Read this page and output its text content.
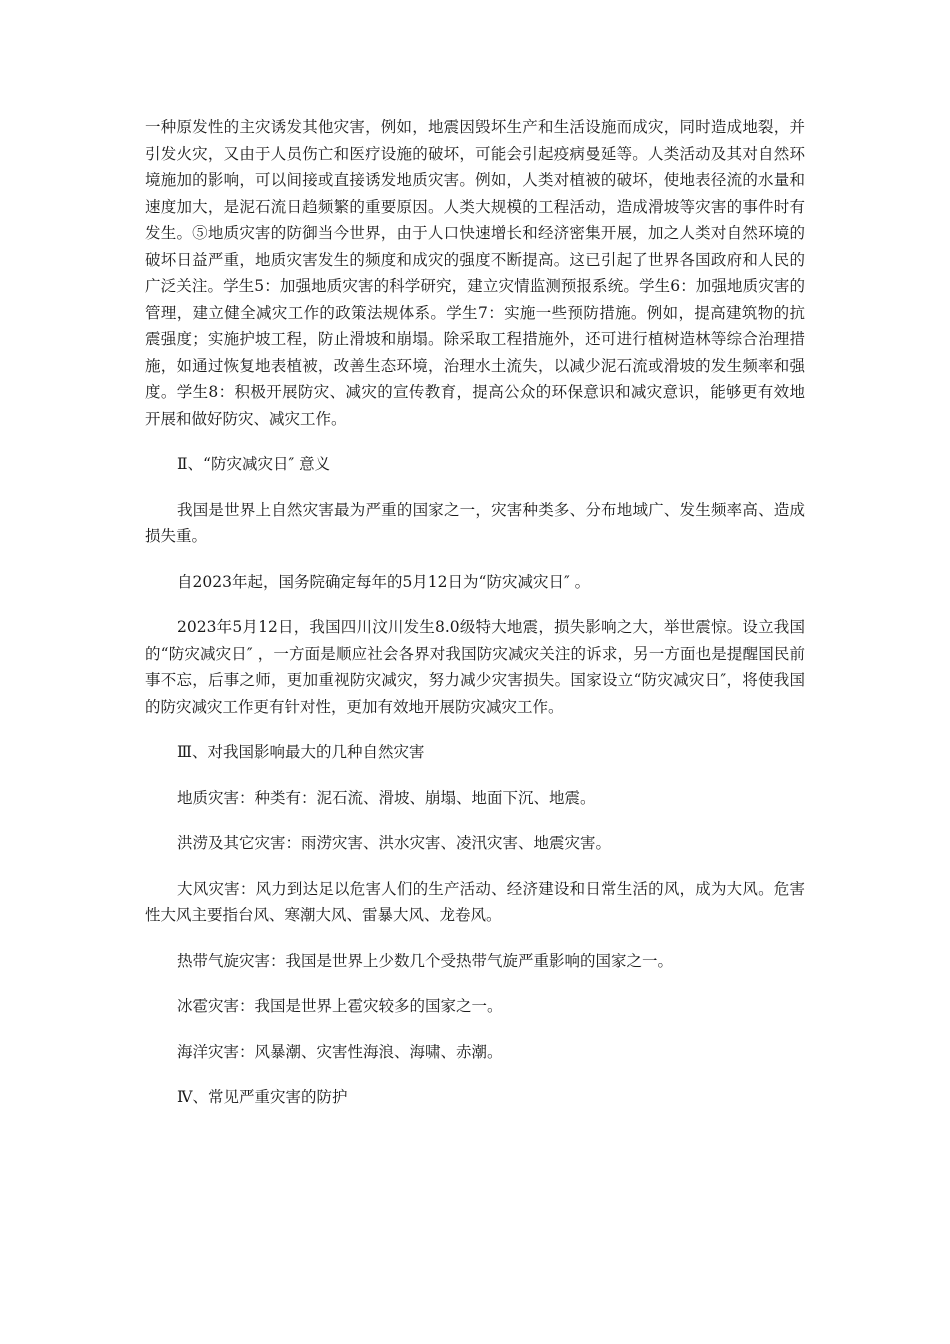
一种原发性的主灾诱发其他灾害，例如，地震因毁坏生产和生活设施而成灾，同时造成地裂，并引发火灾，又由于人员伤亡和医疗设施的破坏，可能会引起疫病曼延等。人类活动及其对自然环境施加的影响，可以间接或直接诱发地质灾害。例如，人类对植被的破坏，使地表径流的水量和速度加大，是泥石流日趋频繁的重要原因。人类大规模的工程活动，造成滑坡等灾害的事件时有发生。⑤地质灾害的防御当今世界，由于人口快速增长和经济密集开展，加之人类对自然环境的破坏日益严重，地质灾害发生的频度和成灾的强度不断提高。这已引起了世界各国政府和人民的广泛关注。学生5：加强地质灾害的科学研究，建立灾情监测预报系统。学生6：加强地质灾害的管理，建立健全减灾工作的政策法规体系。学生7：实施一些预防措施。例如，提高建筑物的抗震强度；实施护坡工程，防止滑坡和崩塌。除采取工程措施外，还可进行植树造林等综合治理措施，如通过恢复地表植被，改善生态环境，治理水土流失，以减少泥石流或滑坡的发生频率和强度。学生8：积极开展防灾、减灾的宣传教育，提高公众的环保意识和减灾意识，能够更有效地开展和做好防灾、减灾工作。

Ⅱ、“防灾减灾日″ 意义

我国是世界上自然灾害最为严重的国家之一，灾害种类多、分布地域广、发生频率高、造成损失重。

自2023年起，国务院确定每年的5月12日为“防灾减灾日″ 。

2023年5月12日，我国四川汶川发生8.0级特大地震，损失影响之大，举世震惊。设立我国的“防灾减灾日″ ，一方面是顺应社会各界对我国防灾减灾关注的诉求，另一方面也是提醒国民前事不忘，后事之师，更加重视防灾减灾，努力减少灾害损失。国家设立“防灾减灾日″，将使我国的防灾减灾工作更有针对性，更加有效地开展防灾减灾工作。

Ⅲ、对我国影响最大的几种自然灾害

地质灾害：种类有：泥石流、滑坡、崩塌、地面下沉、地震。

洪涝及其它灾害：雨涝灾害、洪水灾害、凌汛灾害、地震灾害。

大风灾害：风力到达足以危害人们的生产活动、经济建设和日常生活的风，成为大风。危害性大风主要指台风、寒潮大风、雷暴大风、龙卷风。

热带气旋灾害：我国是世界上少数几个受热带气旋严重影响的国家之一。

冰雹灾害：我国是世界上雹灾较多的国家之一。

海洋灾害：风暴潮、灾害性海浪、海啸、赤潮。

Ⅳ、常见严重灾害的防护
